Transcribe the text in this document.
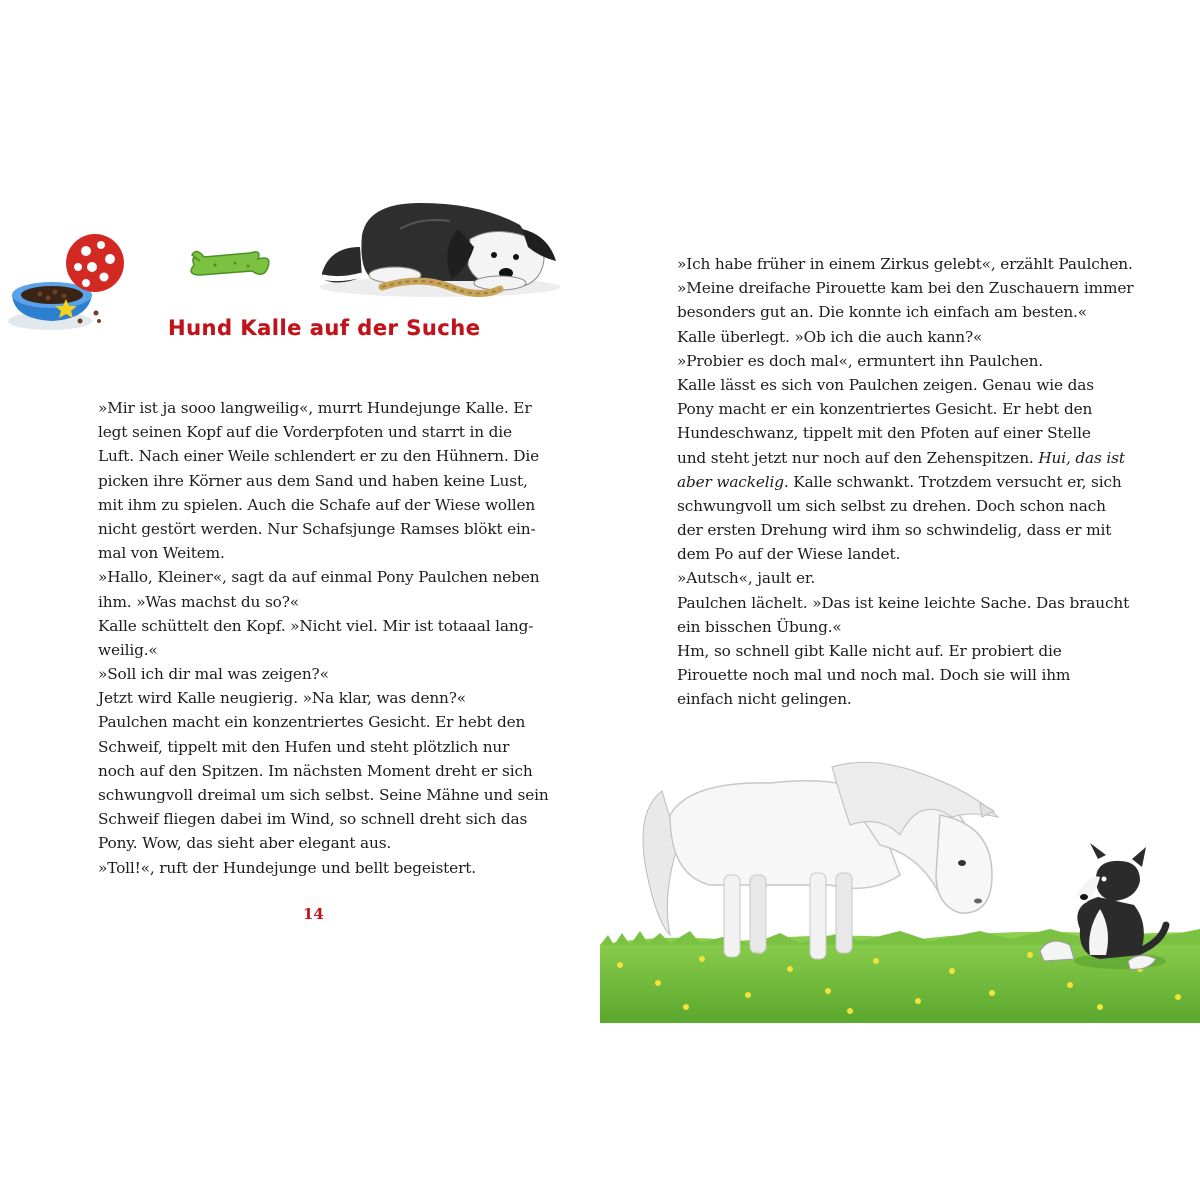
Hund Kalle auf der Suche
»Mir ist ja sooo langweilig«, murrt Hundejunge Kalle. Er
legt seinen Kopf auf die Vorderpfoten und starrt in die
Luft. Nach einer Weile schlendert er zu den Hühnern. Die
picken ihre Körner aus dem Sand und haben keine Lust,
mit ihm zu spielen. Auch die Schafe auf der Wiese wollen
nicht gestört werden. Nur Schafsjunge Ramses blökt ein-
mal von Weitem.
»Hallo, Kleiner«, sagt da auf einmal Pony Paulchen neben
ihm. »Was machst du so?«
Kalle schüttelt den Kopf. »Nicht viel. Mir ist totaaal lang-
weilig.«
»Soll ich dir mal was zeigen?«
Jetzt wird Kalle neugierig. »Na klar, was denn?«
Paulchen macht ein konzentriertes Gesicht. Er hebt den
Schweif, tippelt mit den Hufen und steht plötzlich nur
noch auf den Spitzen. Im nächsten Moment dreht er sich
schwungvoll dreimal um sich selbst. Seine Mähne und sein
Schweif fliegen dabei im Wind, so schnell dreht sich das
Pony. Wow, das sieht aber elegant aus.
»Toll!«, ruft der Hundejunge und bellt begeistert.
14
»Ich habe früher in einem Zirkus gelebt«, erzählt Paulchen.
»Meine dreifache Pirouette kam bei den Zuschauern immer
besonders gut an. Die konnte ich einfach am besten.«
Kalle überlegt. »Ob ich die auch kann?«
»Probier es doch mal«, ermuntert ihn Paulchen.
Kalle lässt es sich von Paulchen zeigen. Genau wie das
Pony macht er ein konzentriertes Gesicht. Er hebt den
Hundeschwanz, tippelt mit den Pfoten auf einer Stelle
und steht jetzt nur noch auf den Zehenspitzen. Hui, das ist
aber wackelig. Kalle schwankt. Trotzdem versucht er, sich
schwungvoll um sich selbst zu drehen. Doch schon nach
der ersten Drehung wird ihm so schwindelig, dass er mit
dem Po auf der Wiese landet.
»Autsch«, jault er.
Paulchen lächelt. »Das ist keine leichte Sache. Das braucht
ein bisschen Übung.«
Hm, so schnell gibt Kalle nicht auf. Er probiert die
Pirouette noch mal und noch mal. Doch sie will ihm
einfach nicht gelingen.
